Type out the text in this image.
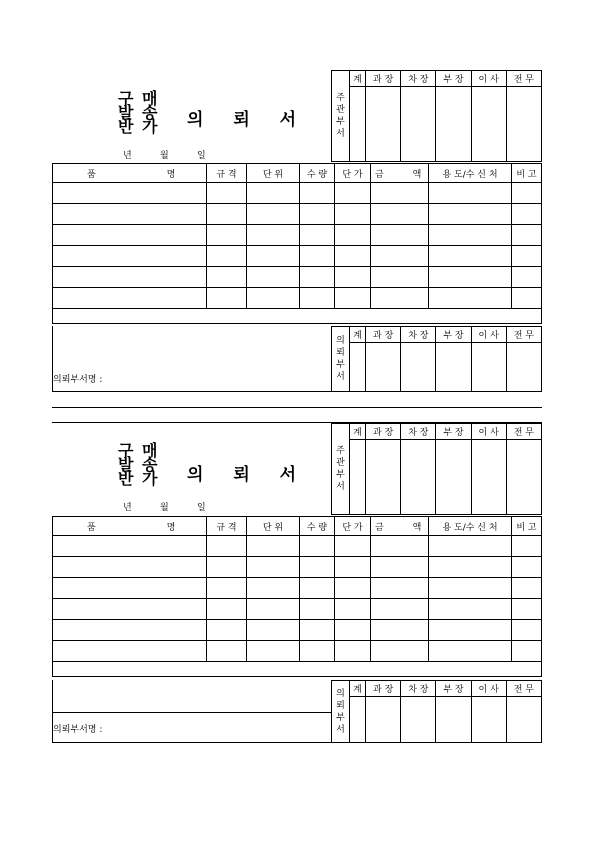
구
발
반
매
송
가 의 뢰 서
년	월	일
주
관
부
서	계	과 장	차 장	부 장	이 사	전 무

품 명	규 격	단 위	수 량	단 가	금 액	용 도/수 신 처	비 고

의뢰부서명 :
의
뢰
부
서	계	과 장	차 장	부 장	이 사	전 무

구
발
반
매
송
가 의 뢰 서
년	월	일
주
관
부
서	계	과 장	차 장	부 장	이 사	전 무

품 명	규 격	단 위	수 량	단 가	금 액	용 도/수 신 처	비 고

의뢰부서명 :
의
뢰
부
서	계	과 장	차 장	부 장	이 사	전 무
